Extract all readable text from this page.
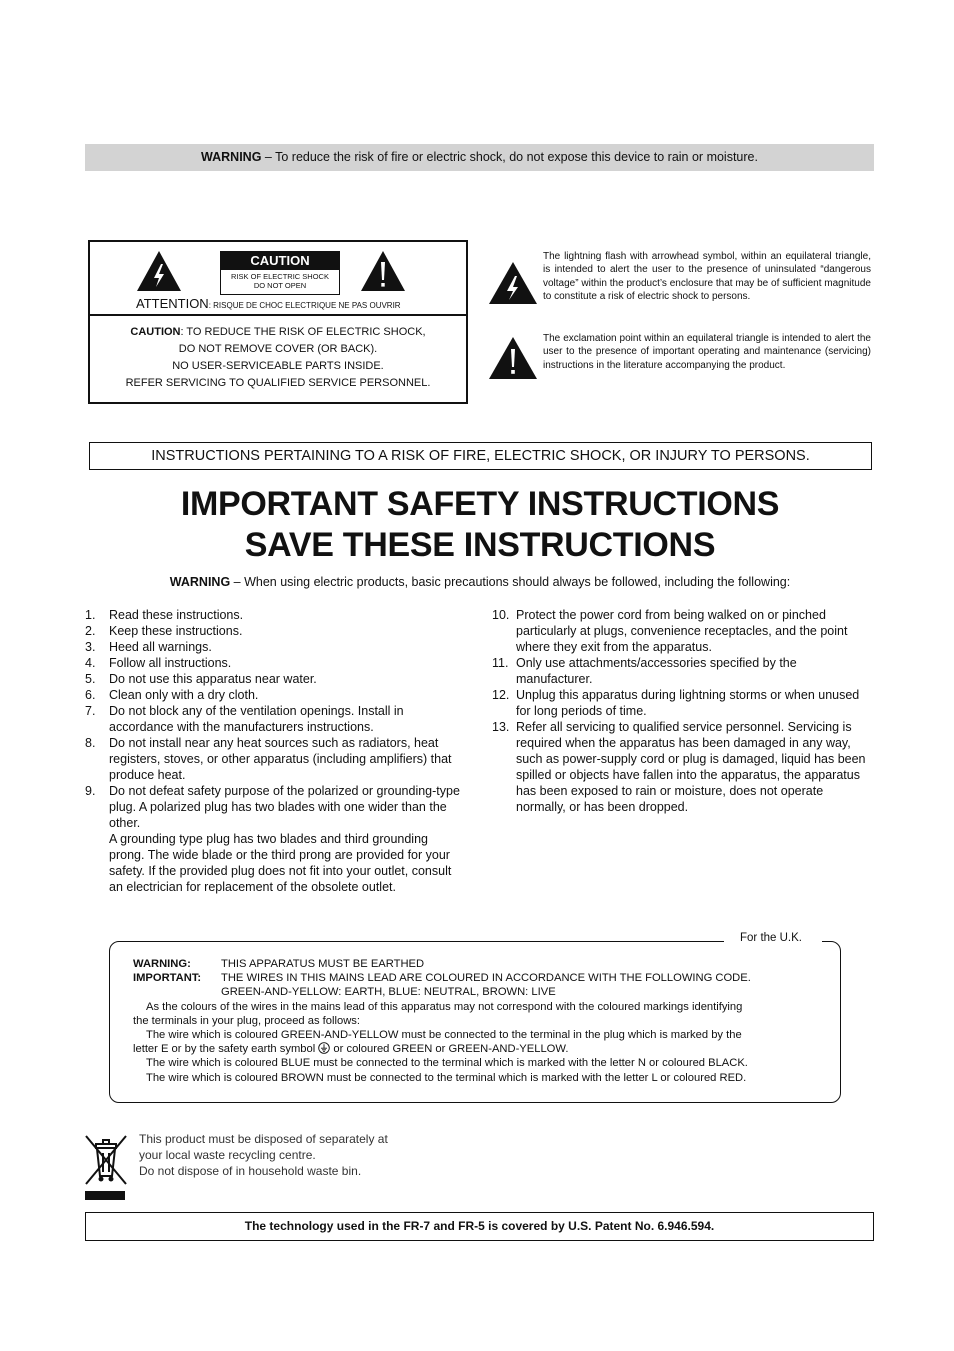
WARNING – To reduce the risk of fire or electric shock, do not expose this device to rain or moisture.
CAUTION
RISK OF ELECTRIC SHOCK
DO NOT OPEN
ATTENTION: RISQUE DE CHOC ELECTRIQUE NE PAS OUVRIR
CAUTION: TO REDUCE THE RISK OF ELECTRIC SHOCK,
DO NOT REMOVE COVER (OR BACK).
NO USER-SERVICEABLE PARTS INSIDE.
REFER SERVICING TO QUALIFIED SERVICE PERSONNEL.
The lightning flash with arrowhead symbol, within an equilateral triangle, is intended to alert the user to the presence of uninsulated “dangerous voltage” within the product’s enclosure that may be of sufficient magnitude to constitute a risk of electric shock to persons.
The exclamation point within an equilateral triangle is intended to alert the user to the presence of important operating and maintenance (servicing) instructions in the literature accompanying the product.
INSTRUCTIONS PERTAINING TO A RISK OF FIRE, ELECTRIC SHOCK, OR INJURY TO PERSONS.
IMPORTANT SAFETY INSTRUCTIONS
SAVE THESE INSTRUCTIONS
WARNING – When using electric products, basic precautions should always be followed, including the following:
1. Read these instructions.
2. Keep these instructions.
3. Heed all warnings.
4. Follow all instructions.
5. Do not use this apparatus near water.
6. Clean only with a dry cloth.
7. Do not block any of the ventilation openings. Install in accordance with the manufacturers instructions.
8. Do not install near any heat sources such as radiators, heat registers, stoves, or other apparatus (including amplifiers) that produce heat.
9. Do not defeat safety purpose of the polarized or grounding-type plug. A polarized plug has two blades with one wider than the other.
A grounding type plug has two blades and third grounding prong. The wide blade or the third prong are provided for your safety. If the provided plug does not fit into your outlet, consult an electrician for replacement of the obsolete outlet.
10. Protect the power cord from being walked on or pinched particularly at plugs, convenience receptacles, and the point where they exit from the apparatus.
11. Only use attachments/accessories specified by the manufacturer.
12. Unplug this apparatus during lightning storms or when unused for long periods of time.
13. Refer all servicing to qualified service personnel. Servicing is required when the apparatus has been damaged in any way, such as power-supply cord or plug is damaged, liquid has been spilled or objects have fallen into the apparatus, the apparatus has been exposed to rain or moisture, does not operate normally, or has been dropped.
For the U.K.
WARNING:	THIS APPARATUS MUST BE EARTHED
IMPORTANT:	THE WIRES IN THIS MAINS LEAD ARE COLOURED IN ACCORDANCE WITH THE FOLLOWING CODE.
GREEN-AND-YELLOW: EARTH, BLUE: NEUTRAL, BROWN: LIVE
As the colours of the wires in the mains lead of this apparatus may not correspond with the coloured markings identifying
the terminals in your plug, proceed as follows:
The wire which is coloured GREEN-AND-YELLOW must be connected to the terminal in the plug which is marked by the
letter E or by the safety earth symbol  or coloured GREEN or GREEN-AND-YELLOW.
The wire which is coloured BLUE must be connected to the terminal which is marked with the letter N or coloured BLACK.
The wire which is coloured BROWN must be connected to the terminal which is marked with the letter L or coloured RED.
This product must be disposed of separately at
your local waste recycling centre.
Do not dispose of in household waste bin.
The technology used in the FR-7 and FR-5 is covered by U.S. Patent No. 6.946.594.
